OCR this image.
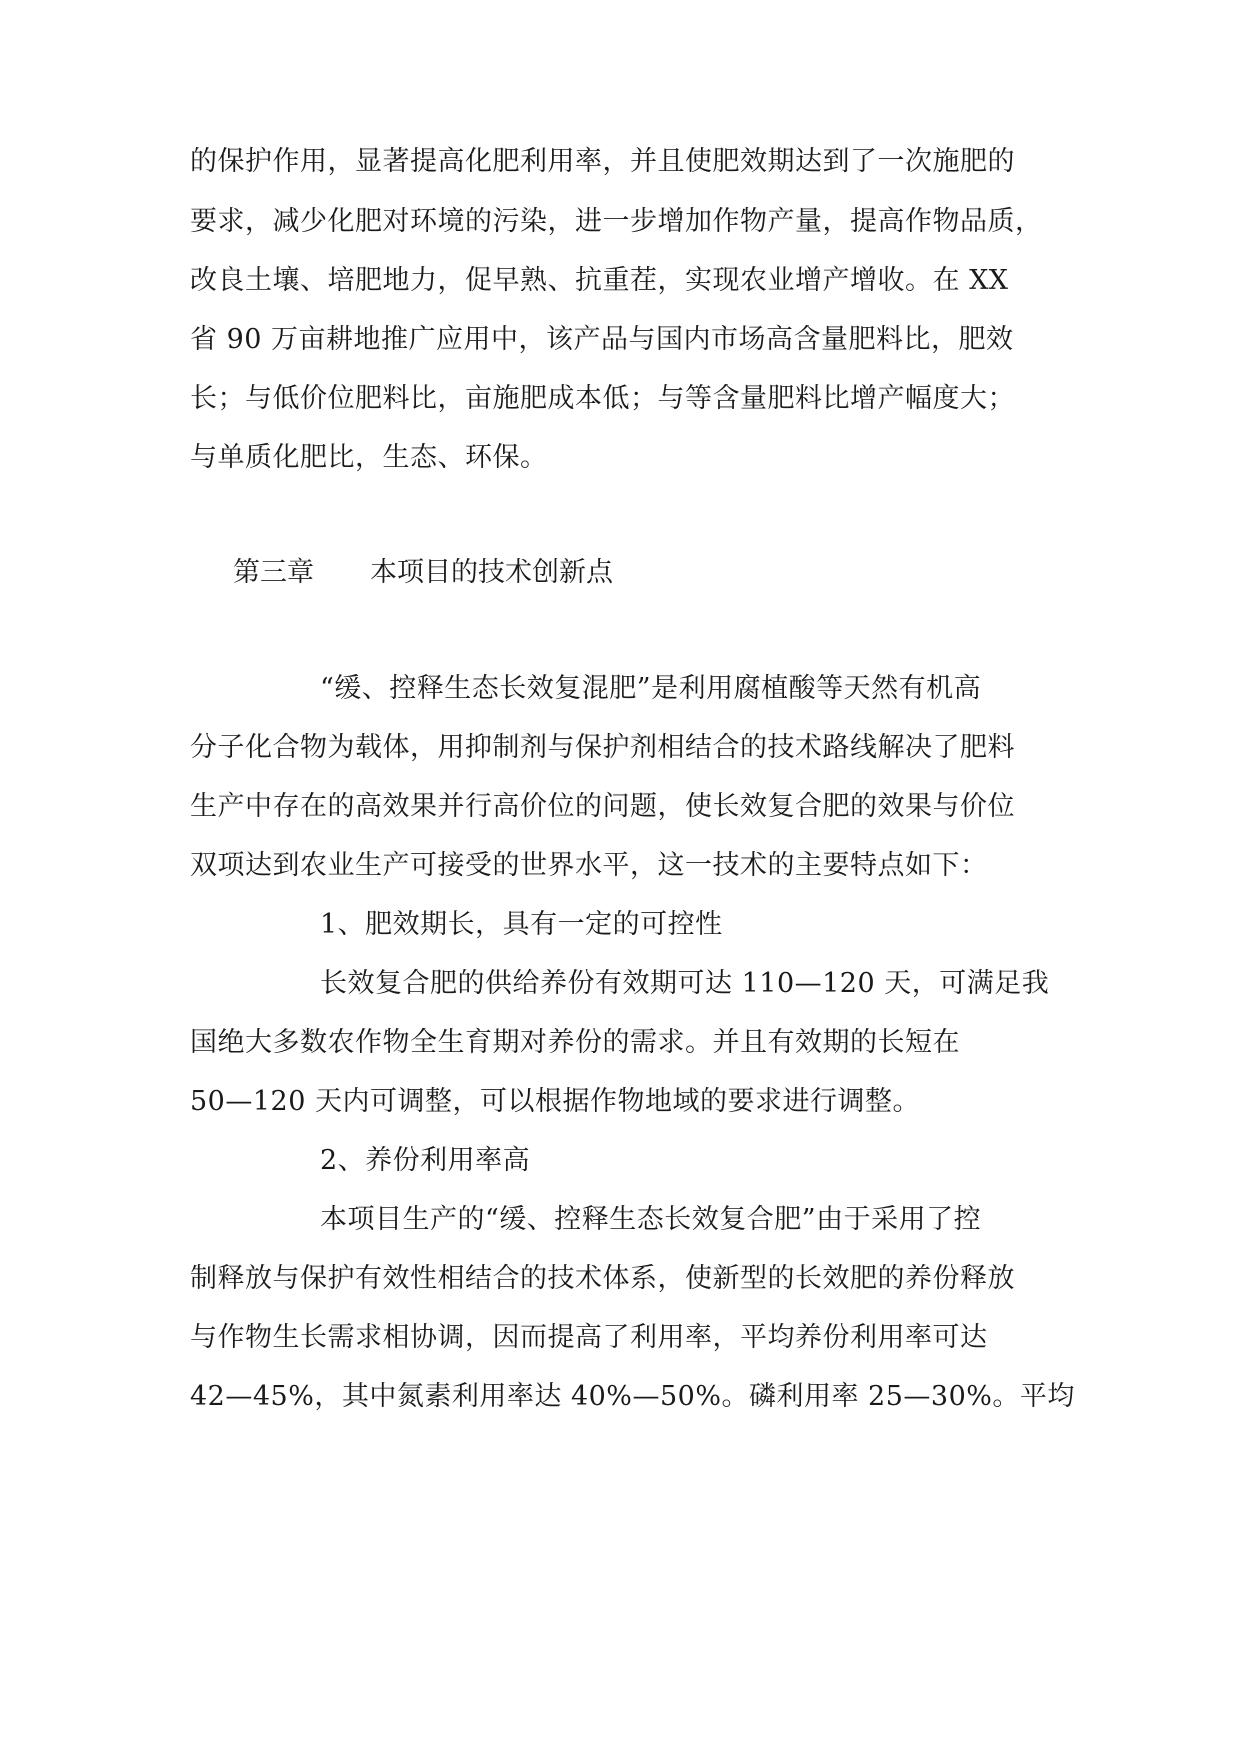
的保护作用，显著提高化肥利用率，并且使肥效期达到了一次施肥的
要求，减少化肥对环境的污染，进一步增加作物产量，提高作物品质，
改良土壤、培肥地力，促早熟、抗重茬，实现农业增产增收。在 XX
省 90 万亩耕地推广应用中，该产品与国内市场高含量肥料比，肥效
长；与低价位肥料比，亩施肥成本低；与等含量肥料比增产幅度大；
与单质化肥比，生态、环保。
第三章 本项目的技术创新点
“缓、控释生态长效复混肥”是利用腐植酸等天然有机高
分子化合物为载体，用抑制剂与保护剂相结合的技术路线解决了肥料
生产中存在的高效果并行高价位的问题，使长效复合肥的效果与价位
双项达到农业生产可接受的世界水平，这一技术的主要特点如下：
1、肥效期长，具有一定的可控性
长效复合肥的供给养份有效期可达 110—120 天，可满足我
国绝大多数农作物全生育期对养份的需求。并且有效期的长短在
50—120 天内可调整，可以根据作物地域的要求进行调整。
2、养份利用率高
本项目生产的“缓、控释生态长效复合肥”由于采用了控
制释放与保护有效性相结合的技术体系，使新型的长效肥的养份释放
与作物生长需求相协调，因而提高了利用率，平均养份利用率可达
42—45%，其中氮素利用率达 40%—50%。磷利用率 25—30%。平均
